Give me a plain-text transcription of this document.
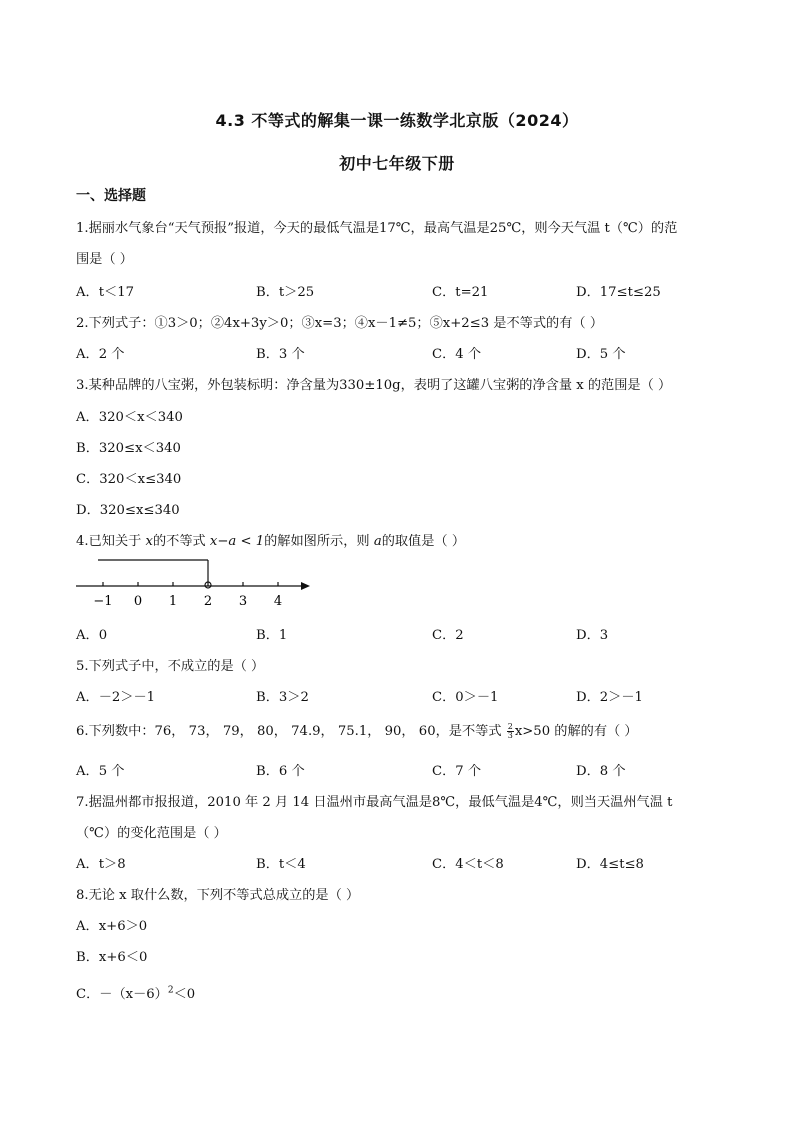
4.3 不等式的解集一课一练数学北京版（2024）
初中七年级下册
一、选择题
1.据丽水气象台“天气预报”报道，今天的最低气温是17℃，最高气温是25℃，则今天气温 t（℃）的范
围是（ ）
A．t＜17	B．t＞25	C．t=21	D．17≤t≤25
2.下列式子：①3＞0；②4x+3y＞0；③x=3；④x－1≠5；⑤x+2≤3 是不等式的有（ ）
A．2 个	B．3 个	C．4 个	D．5 个
3.某种品牌的八宝粥，外包装标明：净含量为330±10g，表明了这罐八宝粥的净含量 x 的范围是（ ）
A．320＜x＜340
B．320≤x＜340
C．320＜x≤340
D．320≤x≤340
4.已知关于 x的不等式 x−a < 1的解如图所示，则 a的取值是（ ）
−1 0 1 2 3 4
A．0	B．1	C．2	D．3
5.下列式子中，不成立的是（ ）
A．－2＞－1	B．3＞2	C．0＞－1	D．2＞－1
6.下列数中：76， 73， 79， 80， 74.9， 75.1， 90， 60，是不等式 $\frac{2}{3} x>50$ 的解的有（ ）
A．5 个	B．6 个	C．7 个	D．8 个
7.据温州都市报报道，2010 年 2 月 14 日温州市最高气温是8℃，最低气温是4℃，则当天温州气温 t
（℃）的变化范围是（ ）
A．t＞8	B．t＜4	C．4＜t＜8	D．4≤t≤8
8.无论 x 取什么数，下列不等式总成立的是（ ）
A．x+6＞0
B．x+6＜0
C．$-(x-6)^2<0$
